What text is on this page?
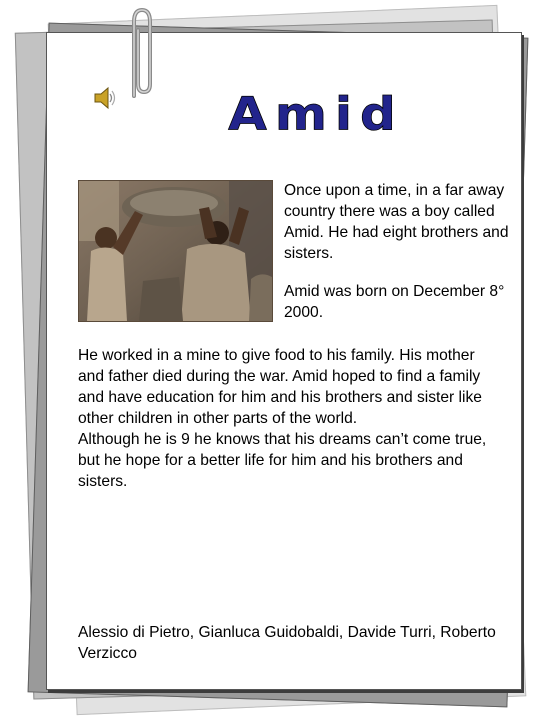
Amid

Once upon a time, in a far away country there was a boy called Amid. He had eight brothers and sisters.

Amid was born on December 8° 2000.

He worked in a mine to give food to his family. His mother and father died during the war. Amid hoped to find a family and have education for him and his brothers and sister like other children in other parts of the world.

Although he is 9 he knows that his dreams can’t come true, but he hope for a better life for him and his brothers and sisters.

Alessio di Pietro, Gianluca Guidobaldi, Davide Turri, Roberto Verzicco
